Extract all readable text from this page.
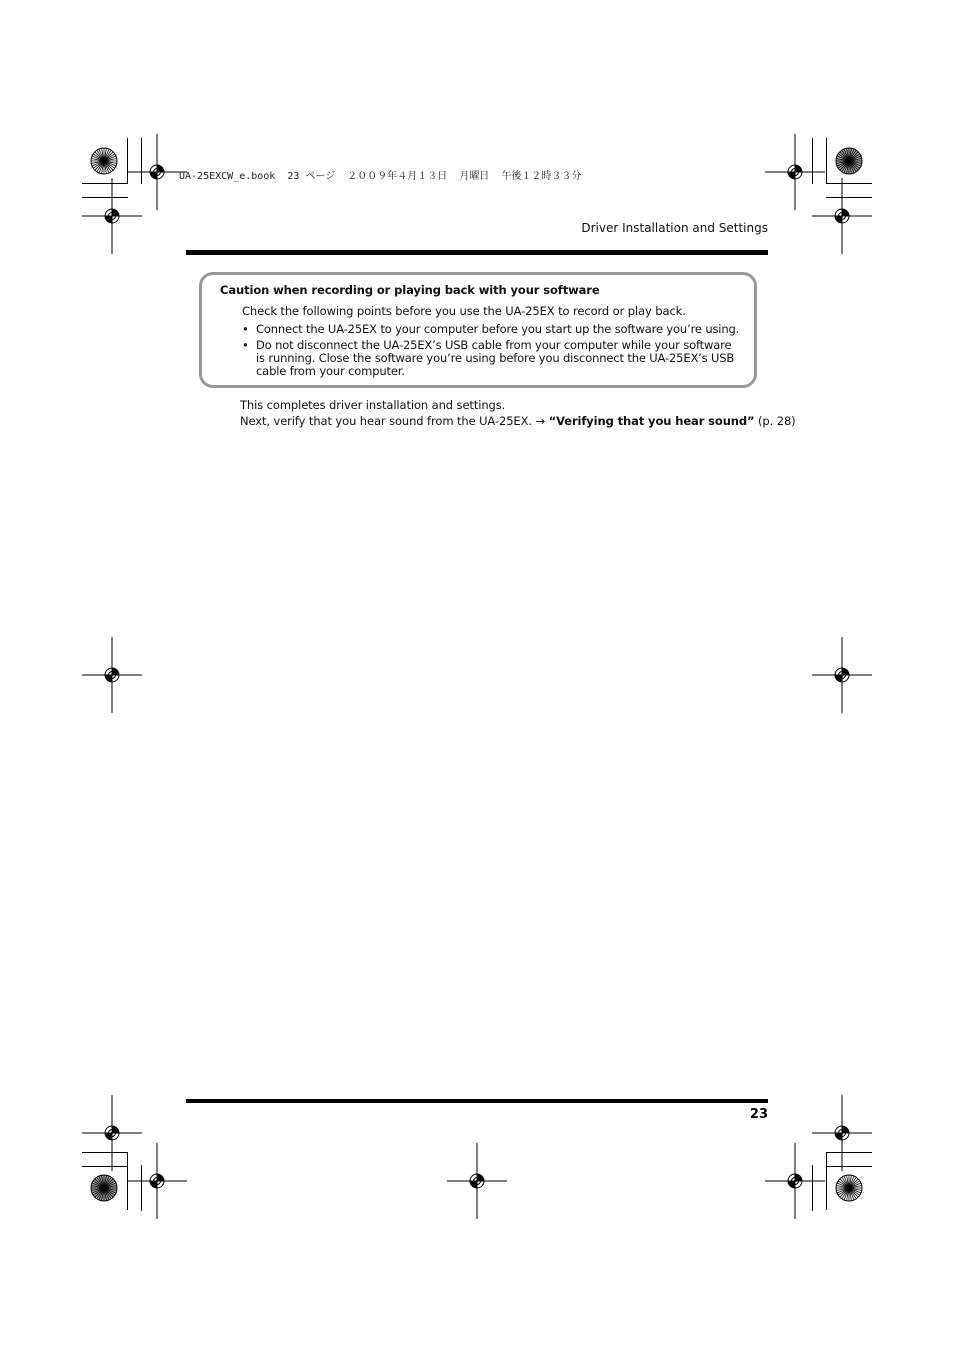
UA-25EXCW_e.book  23 ページ  ２００９年４月１３日  月曜日  午後１２時３３分
Driver Installation and Settings
Caution when recording or playing back with your software
Check the following points before you use the UA-25EX to record or play back.
• Connect the UA-25EX to your computer before you start up the software you’re using.
• Do not disconnect the UA-25EX’s USB cable from your computer while your software is running. Close the software you’re using before you disconnect the UA-25EX’s USB cable from your computer.
This completes driver installation and settings.
Next, verify that you hear sound from the UA-25EX. → “Verifying that you hear sound” (p. 28)
23
